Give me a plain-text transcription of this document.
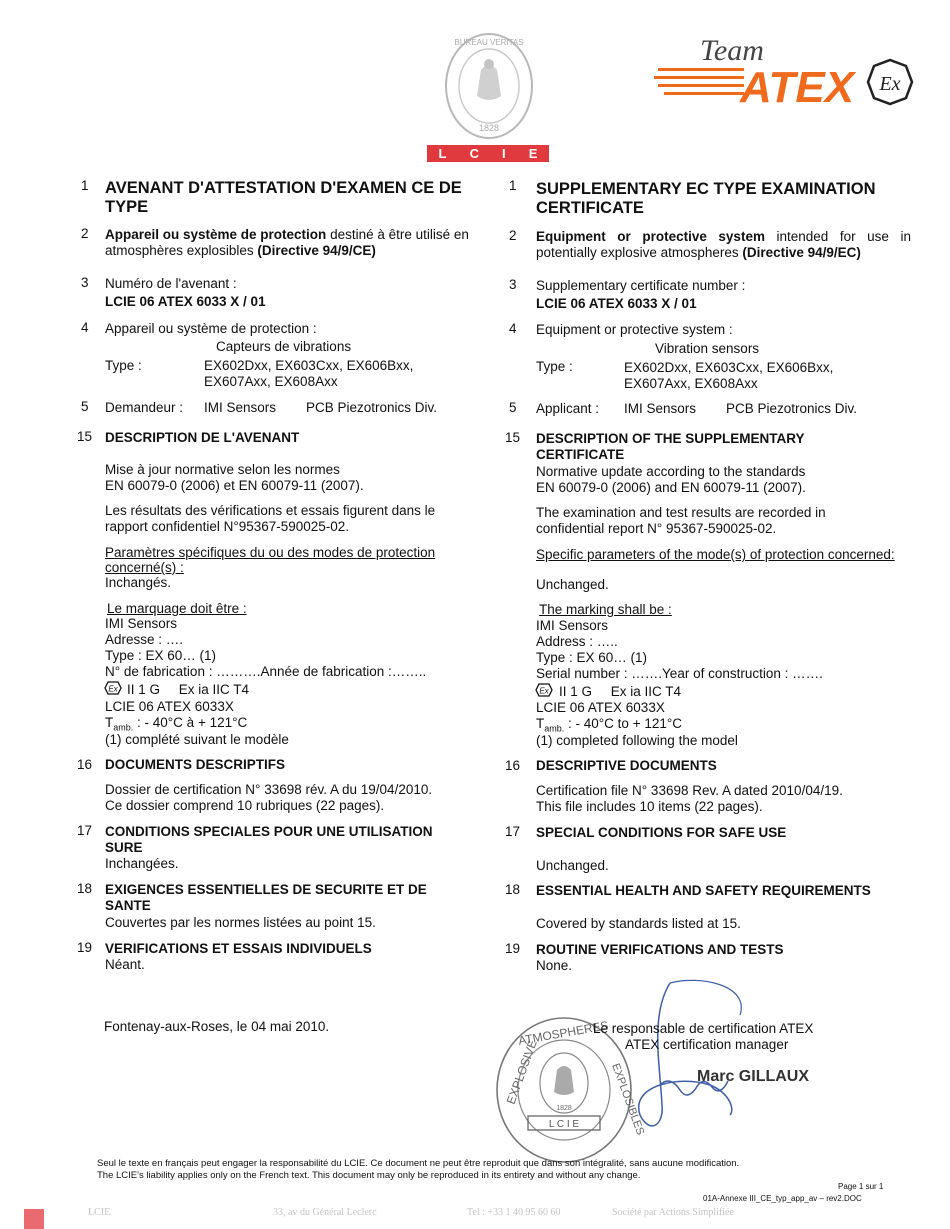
BUREAU VERITAS
1828
L C I E
ATEX Ex
Team
1 AVENANT D'ATTESTATION D'EXAMEN CE DE TYPE
2 Appareil ou système de protection destiné à être utilisé en atmosphères explosibles (Directive 94/9/CE)
3 Numéro de l'avenant :
LCIE 06 ATEX 6033 X / 01
4 Appareil ou système de protection :
Capteurs de vibrations
Type :	EX602Dxx, EX603Cxx, EX606Bxx,
EX607Axx, EX608Axx
5 Demandeur : IMI Sensors PCB Piezotronics Div.
15 DESCRIPTION DE L'AVENANT
Mise à jour normative selon les normes
EN 60079-0 (2006) et EN 60079-11 (2007).
Les résultats des vérifications et essais figurent dans le
rapport confidentiel N°95367-590025-02.
Paramètres spécifiques du ou des modes de protection
concerné(s) :
Inchangés.
Le marquage doit être :
IMI Sensors
Adresse : ….
Type : EX 60… (1)
N° de fabrication : ……….Année de fabrication :……..
Ex II 1 G     Ex ia IIC T4
LCIE 06 ATEX 6033X
$T_{amb.}$ : - 40°C à + 121°C
(1) complété suivant le modèle
16 DOCUMENTS DESCRIPTIFS
Dossier de certification N° 33698 rév. A du 19/04/2010.
Ce dossier comprend 10 rubriques (22 pages).
17 CONDITIONS SPECIALES POUR UNE UTILISATION
SURE
Inchangées.
18 EXIGENCES ESSENTIELLES DE SECURITE ET DE
SANTE
Couvertes par les normes listées au point 15.
19 VERIFICATIONS ET ESSAIS INDIVIDUELS
Néant.
Fontenay-aux-Roses, le 04 mai 2010.
1 SUPPLEMENTARY EC TYPE EXAMINATION CERTIFICATE
2 Equipment or protective system intended for use in potentially explosive atmospheres (Directive 94/9/EC)
3 Supplementary certificate number :
LCIE 06 ATEX 6033 X / 01
4 Equipment or protective system :
Vibration sensors
Type :	EX602Dxx, EX603Cxx, EX606Bxx,
EX607Axx, EX608Axx
5 Applicant : IMI Sensors PCB Piezotronics Div.
15 DESCRIPTION OF THE SUPPLEMENTARY
CERTIFICATE
Normative update according to the standards
EN 60079-0 (2006) and EN 60079-11 (2007).
The examination and test results are recorded in
confidential report N° 95367-590025-02.
Specific parameters of the mode(s) of protection concerned:
Unchanged.
The marking shall be :
IMI Sensors
Address : …..
Type : EX 60… (1)
Serial number : …….Year of construction : …….
Ex II 1 G     Ex ia IIC T4
LCIE 06 ATEX 6033X
$T_{amb.}$ : - 40°C to + 121°C
(1) completed following the model
16 DESCRIPTIVE DOCUMENTS
Certification file N° 33698 Rev. A dated 2010/04/19.
This file includes 10 items (22 pages).
17 SPECIAL CONDITIONS FOR SAFE USE
Unchanged.
18 ESSENTIAL HEALTH AND SAFETY REQUIREMENTS
Covered by standards listed at 15.
19 ROUTINE VERIFICATIONS AND TESTS
None.
ATMOSPHERES
EXPLOSIVE	EXPLOSIBLES
1828
L C I E
Le responsable de certification ATEX
ATEX certification manager
Marc GILLAUX
Seul le texte en français peut engager la responsabilité du LCIE. Ce document ne peut être reproduit que dans son intégralité, sans aucune modification.
The LCIE's liability applies only on the French text. This document may only be reproduced in its entirety and without any change.
Page 1 sur 1
01A-Annexe III_CE_typ_app_av – rev2.DOC
LCIE	33, av du Général Leclerc	Tel : +33 1 40 95 60 60	Société par Actions Simplifiée
